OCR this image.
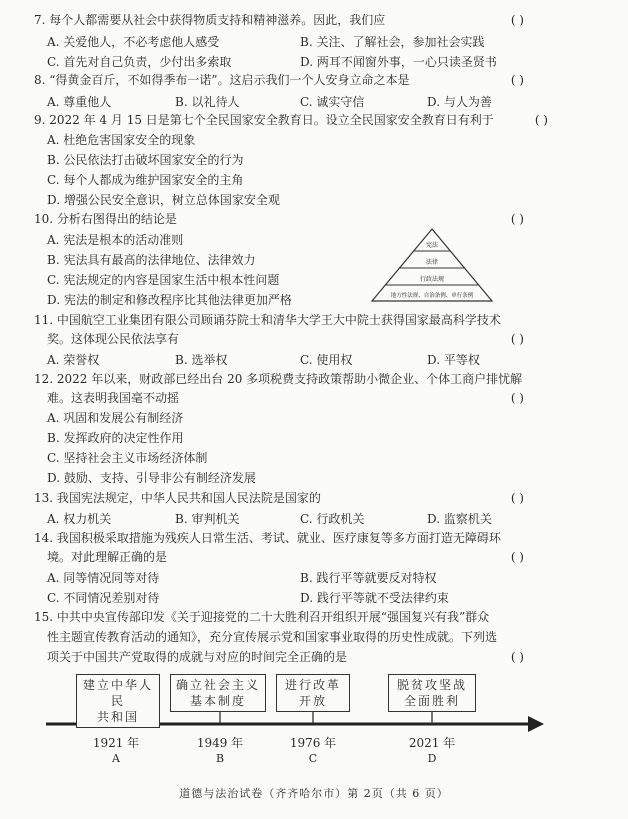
7. 每个人都需要从社会中获得物质支持和精神滋养。因此，我们应	( )
A. 关爱他人，不必考虑他人感受	B. 关注、了解社会，参加社会实践
C. 首先对自己负责，少付出多索取	D. 两耳不闻窗外事，一心只读圣贤书
8. “得黄金百斤，不如得季布一诺”。这启示我们一个人安身立命之本是	( )
A. 尊重他人	B. 以礼待人	C. 诚实守信	D. 与人为善
9. 2022 年 4 月 15 日是第七个全民国家安全教育日。设立全民国家安全教育日有利于	( )
A. 杜绝危害国家安全的现象
B. 公民依法打击破坏国家安全的行为
C. 每个人都成为维护国家安全的主角
D. 增强公民安全意识，树立总体国家安全观
10. 分析右图得出的结论是	( )
A. 宪法是根本的活动准则
B. 宪法具有最高的法律地位、法律效力
C. 宪法规定的内容是国家生活中根本性问题
D. 宪法的制定和修改程序比其他法律更加严格
宪法
法律
行政法规
地方性法规、自治条例、单行条例
11. 中国航空工业集团有限公司顾诵芬院士和清华大学王大中院士获得国家最高科学技术
奖。这体现公民依法享有	( )
A. 荣誉权	B. 选举权	C. 使用权	D. 平等权
12. 2022 年以来，财政部已经出台 20 多项税费支持政策帮助小微企业、个体工商户排忧解
难。这表明我国毫不动摇	( )
A. 巩固和发展公有制经济
B. 发挥政府的决定性作用
C. 坚持社会主义市场经济体制
D. 鼓励、支持、引导非公有制经济发展
13. 我国宪法规定，中华人民共和国人民法院是国家的	( )
A. 权力机关	B. 审判机关	C. 行政机关	D. 监察机关
14. 我国积极采取措施为残疾人日常生活、考试、就业、医疗康复等多方面打造无障碍环
境。对此理解正确的是	( )
A. 同等情况同等对待	B. 践行平等就要反对特权
C. 不同情况差别对待	D. 践行平等就不受法律约束
15. 中共中央宣传部印发《关于迎接党的二十大胜利召开组织开展“强国复兴有我”群众
性主题宣传教育活动的通知》，充分宣传展示党和国家事业取得的历史性成就。下列选
项关于中国共产党取得的成就与对应的时间完全正确的是	( )
建立中华人民
共和国
确立社会主义
基本制度
进行改革
开放
脱贫攻坚战
全面胜利
1921 年	1949 年	1976 年	2021 年
A	B	C	D
道德与法治试卷（齐齐哈尔市）第 2页（共 6 页）
